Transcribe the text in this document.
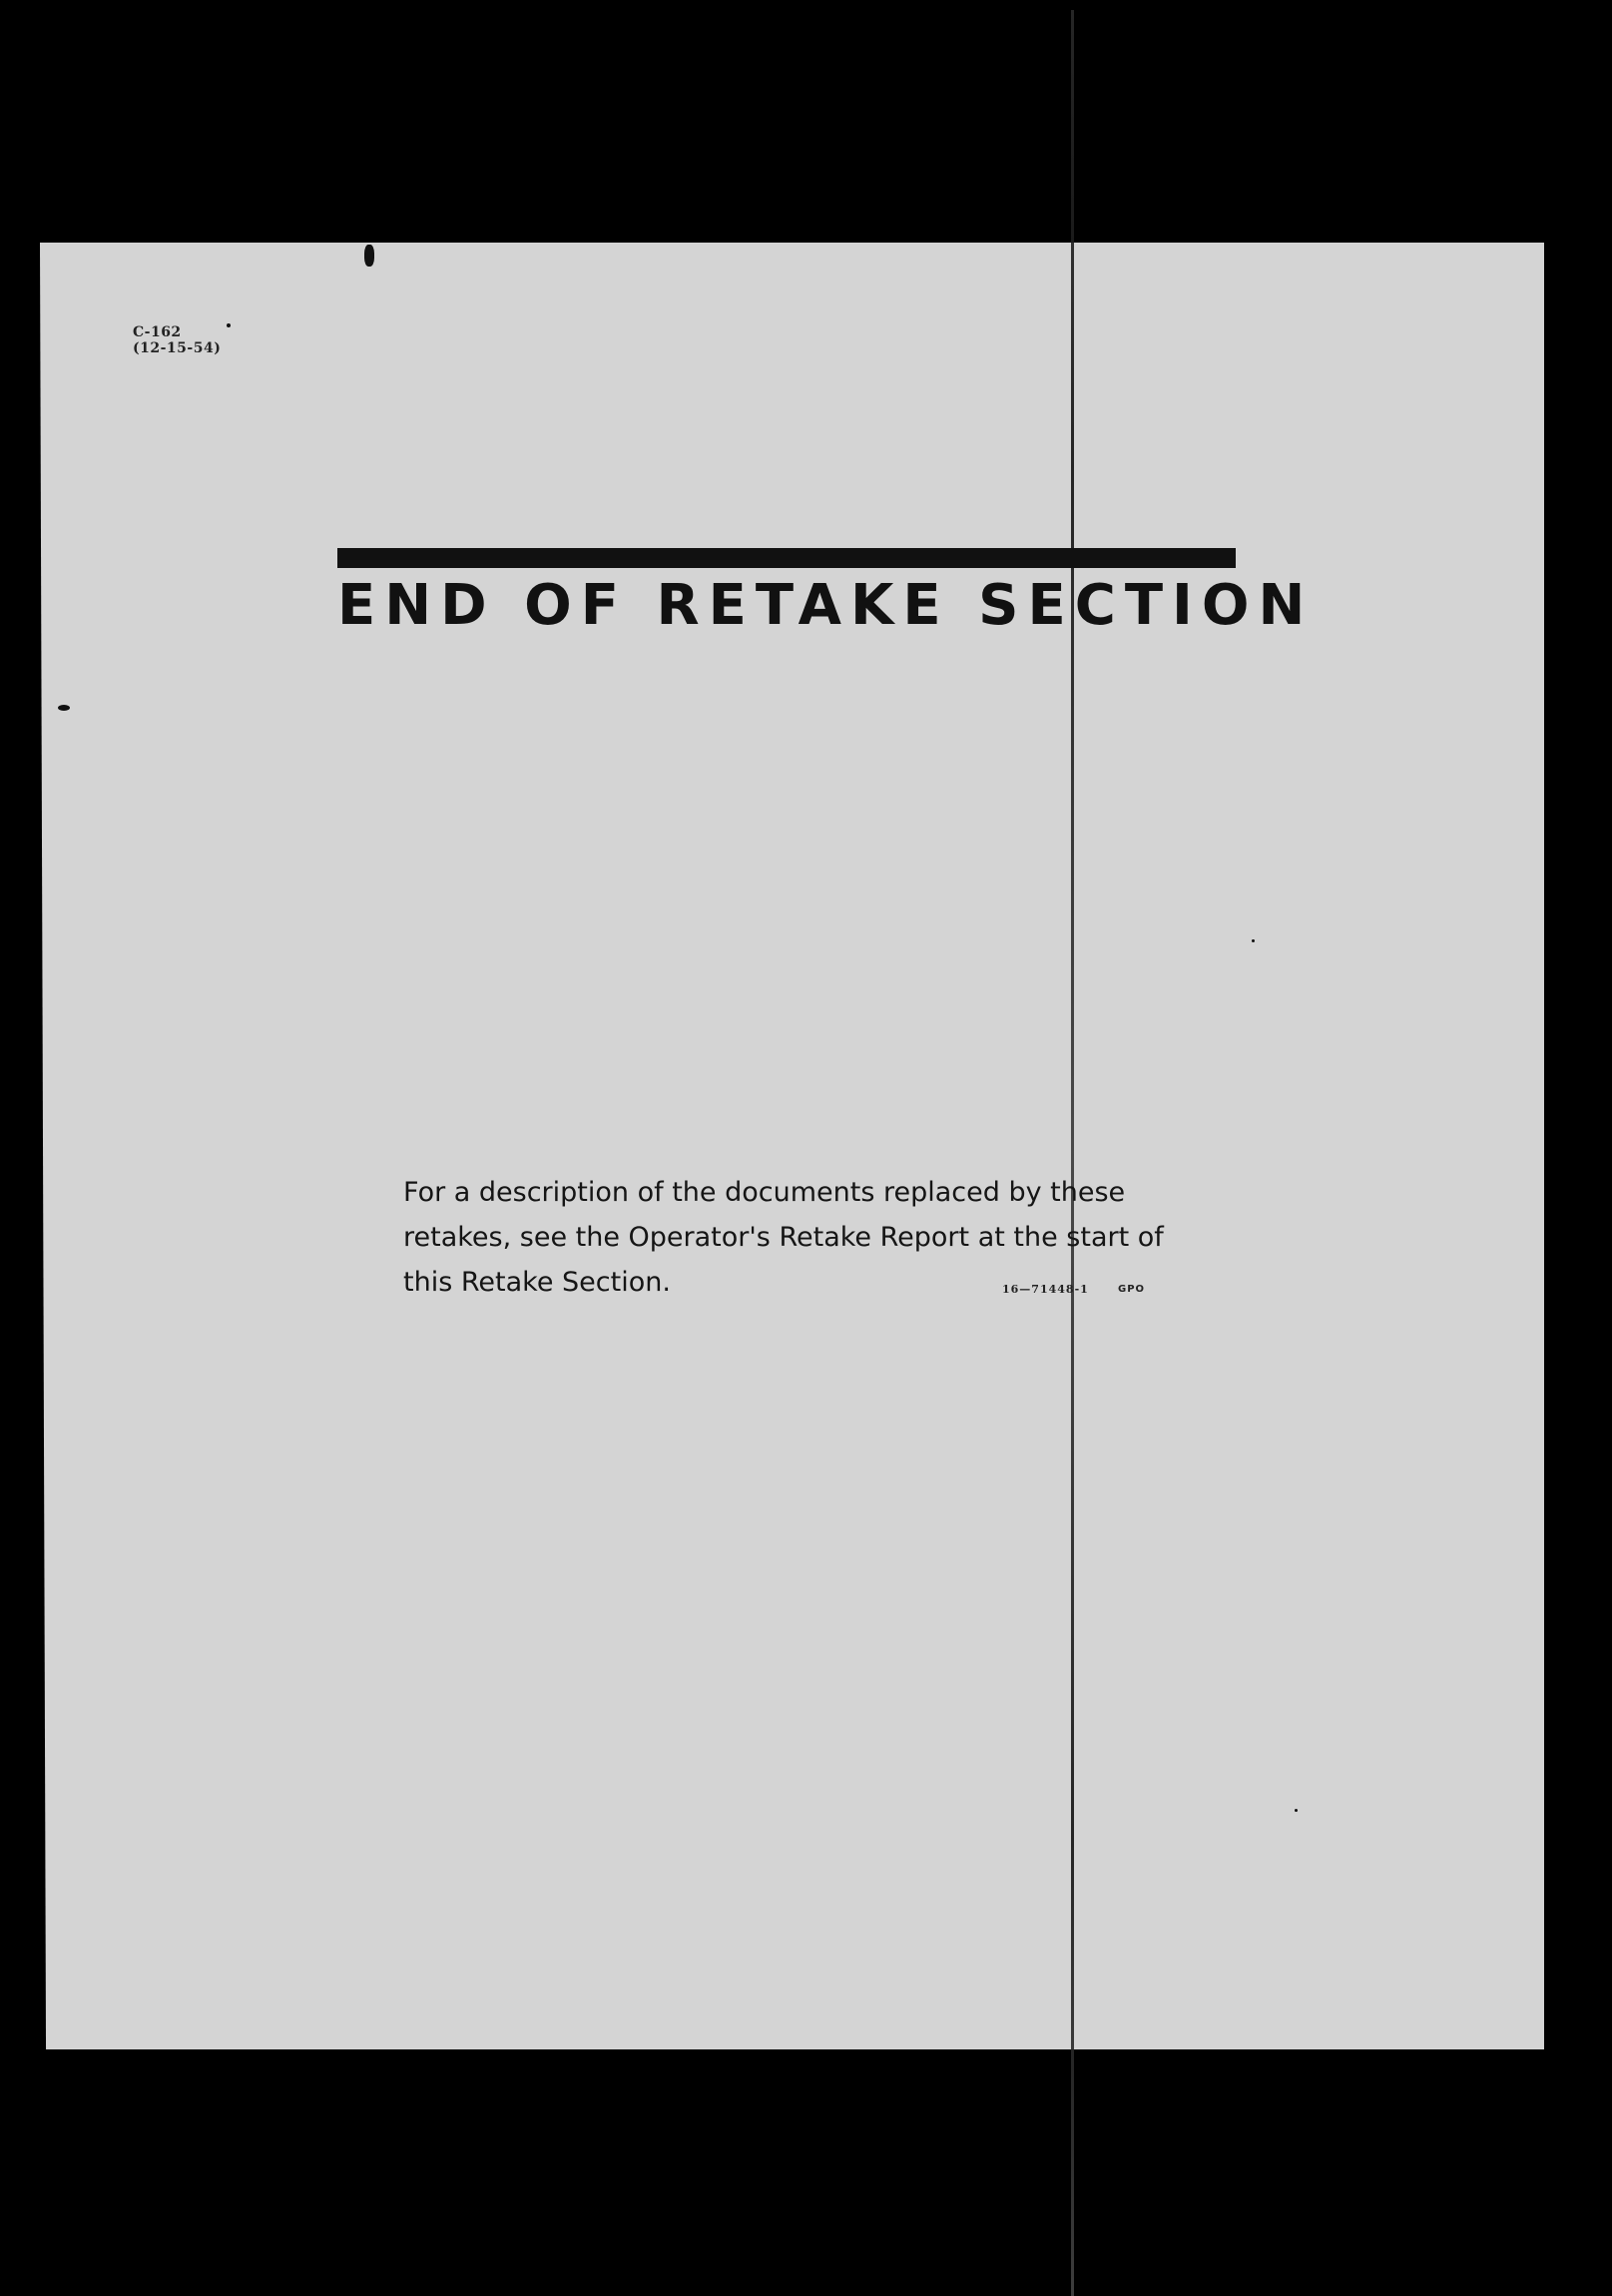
C-162
(12-15-54)
END OF RETAKE SECTION
For a description of the documents replaced by these retakes, see the Operator's Retake Report at the start of this Retake Section.	16—71448-1	GPO
